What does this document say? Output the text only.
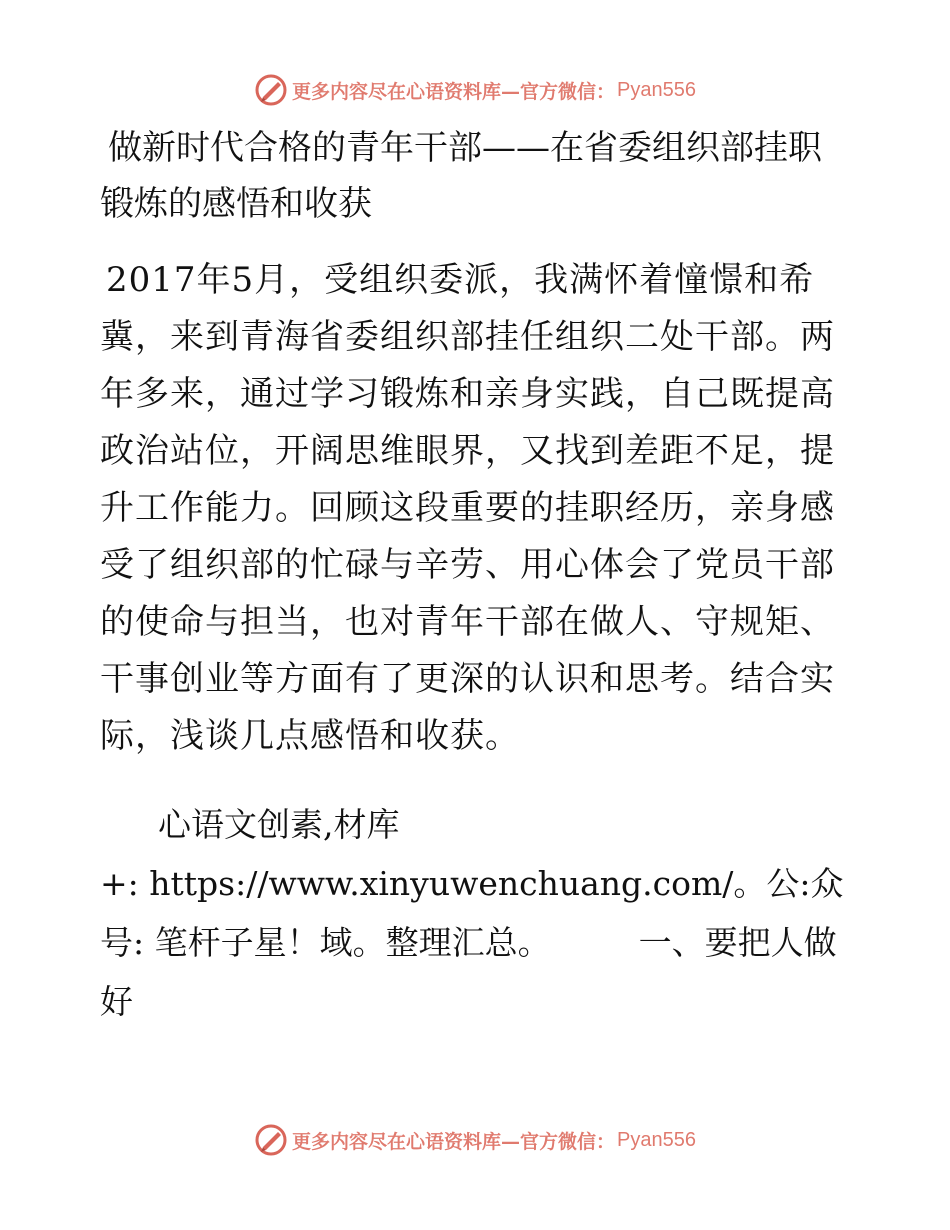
更多内容尽在心语资料库—官方微信： Pyan556
做新时代合格的青年干部——在省委组织部挂职锻炼的感悟和收获

2017年5月，受组织委派，我满怀着憧憬和希冀，来到青海省委组织部挂任组织二处干部。两年多来，通过学习锻炼和亲身实践，自己既提高政治站位，开阔思维眼界，又找到差距不足，提升工作能力。回顾这段重要的挂职经历，亲身感受了组织部的忙碌与辛劳、用心体会了党员干部的使命与担当，也对青年干部在做人、守规矩、干事创业等方面有了更深的认识和思考。结合实际，浅谈几点感悟和收获。

心语文创素,材库
+: https://www.xinyuwenchuang.com/。公:众号: 笔杆子星！域。整理汇总。	一、要把人做好

更多内容尽在心语资料库—官方微信： Pyan556
